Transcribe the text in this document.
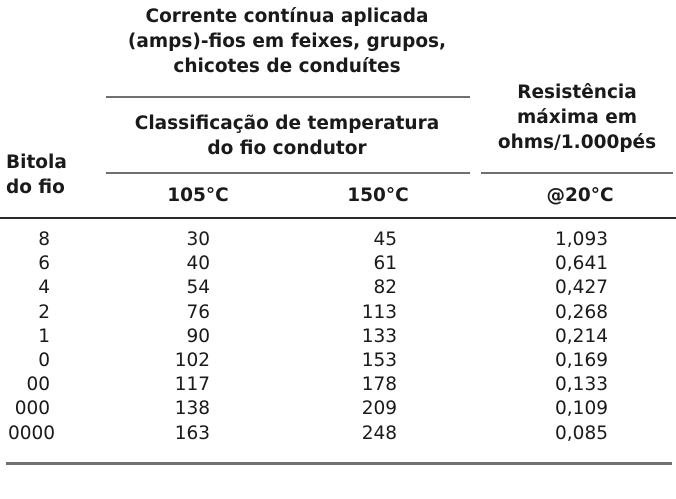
Corrente contínua aplicada
(amps)-fios em feixes, grupos,
chicotes de conduítes
Classificação de temperatura
do fio condutor
Resistência
máxima em
ohms/1.000pés
Bitola
do fio	105°C	150°C	@20°C
8	30	45	1,093
6	40	61	0,641
4	54	82	0,427
2	76	113	0,268
1	90	133	0,214
0	102	153	0,169
00	117	178	0,133
000	138	209	0,109
0000	163	248	0,085
